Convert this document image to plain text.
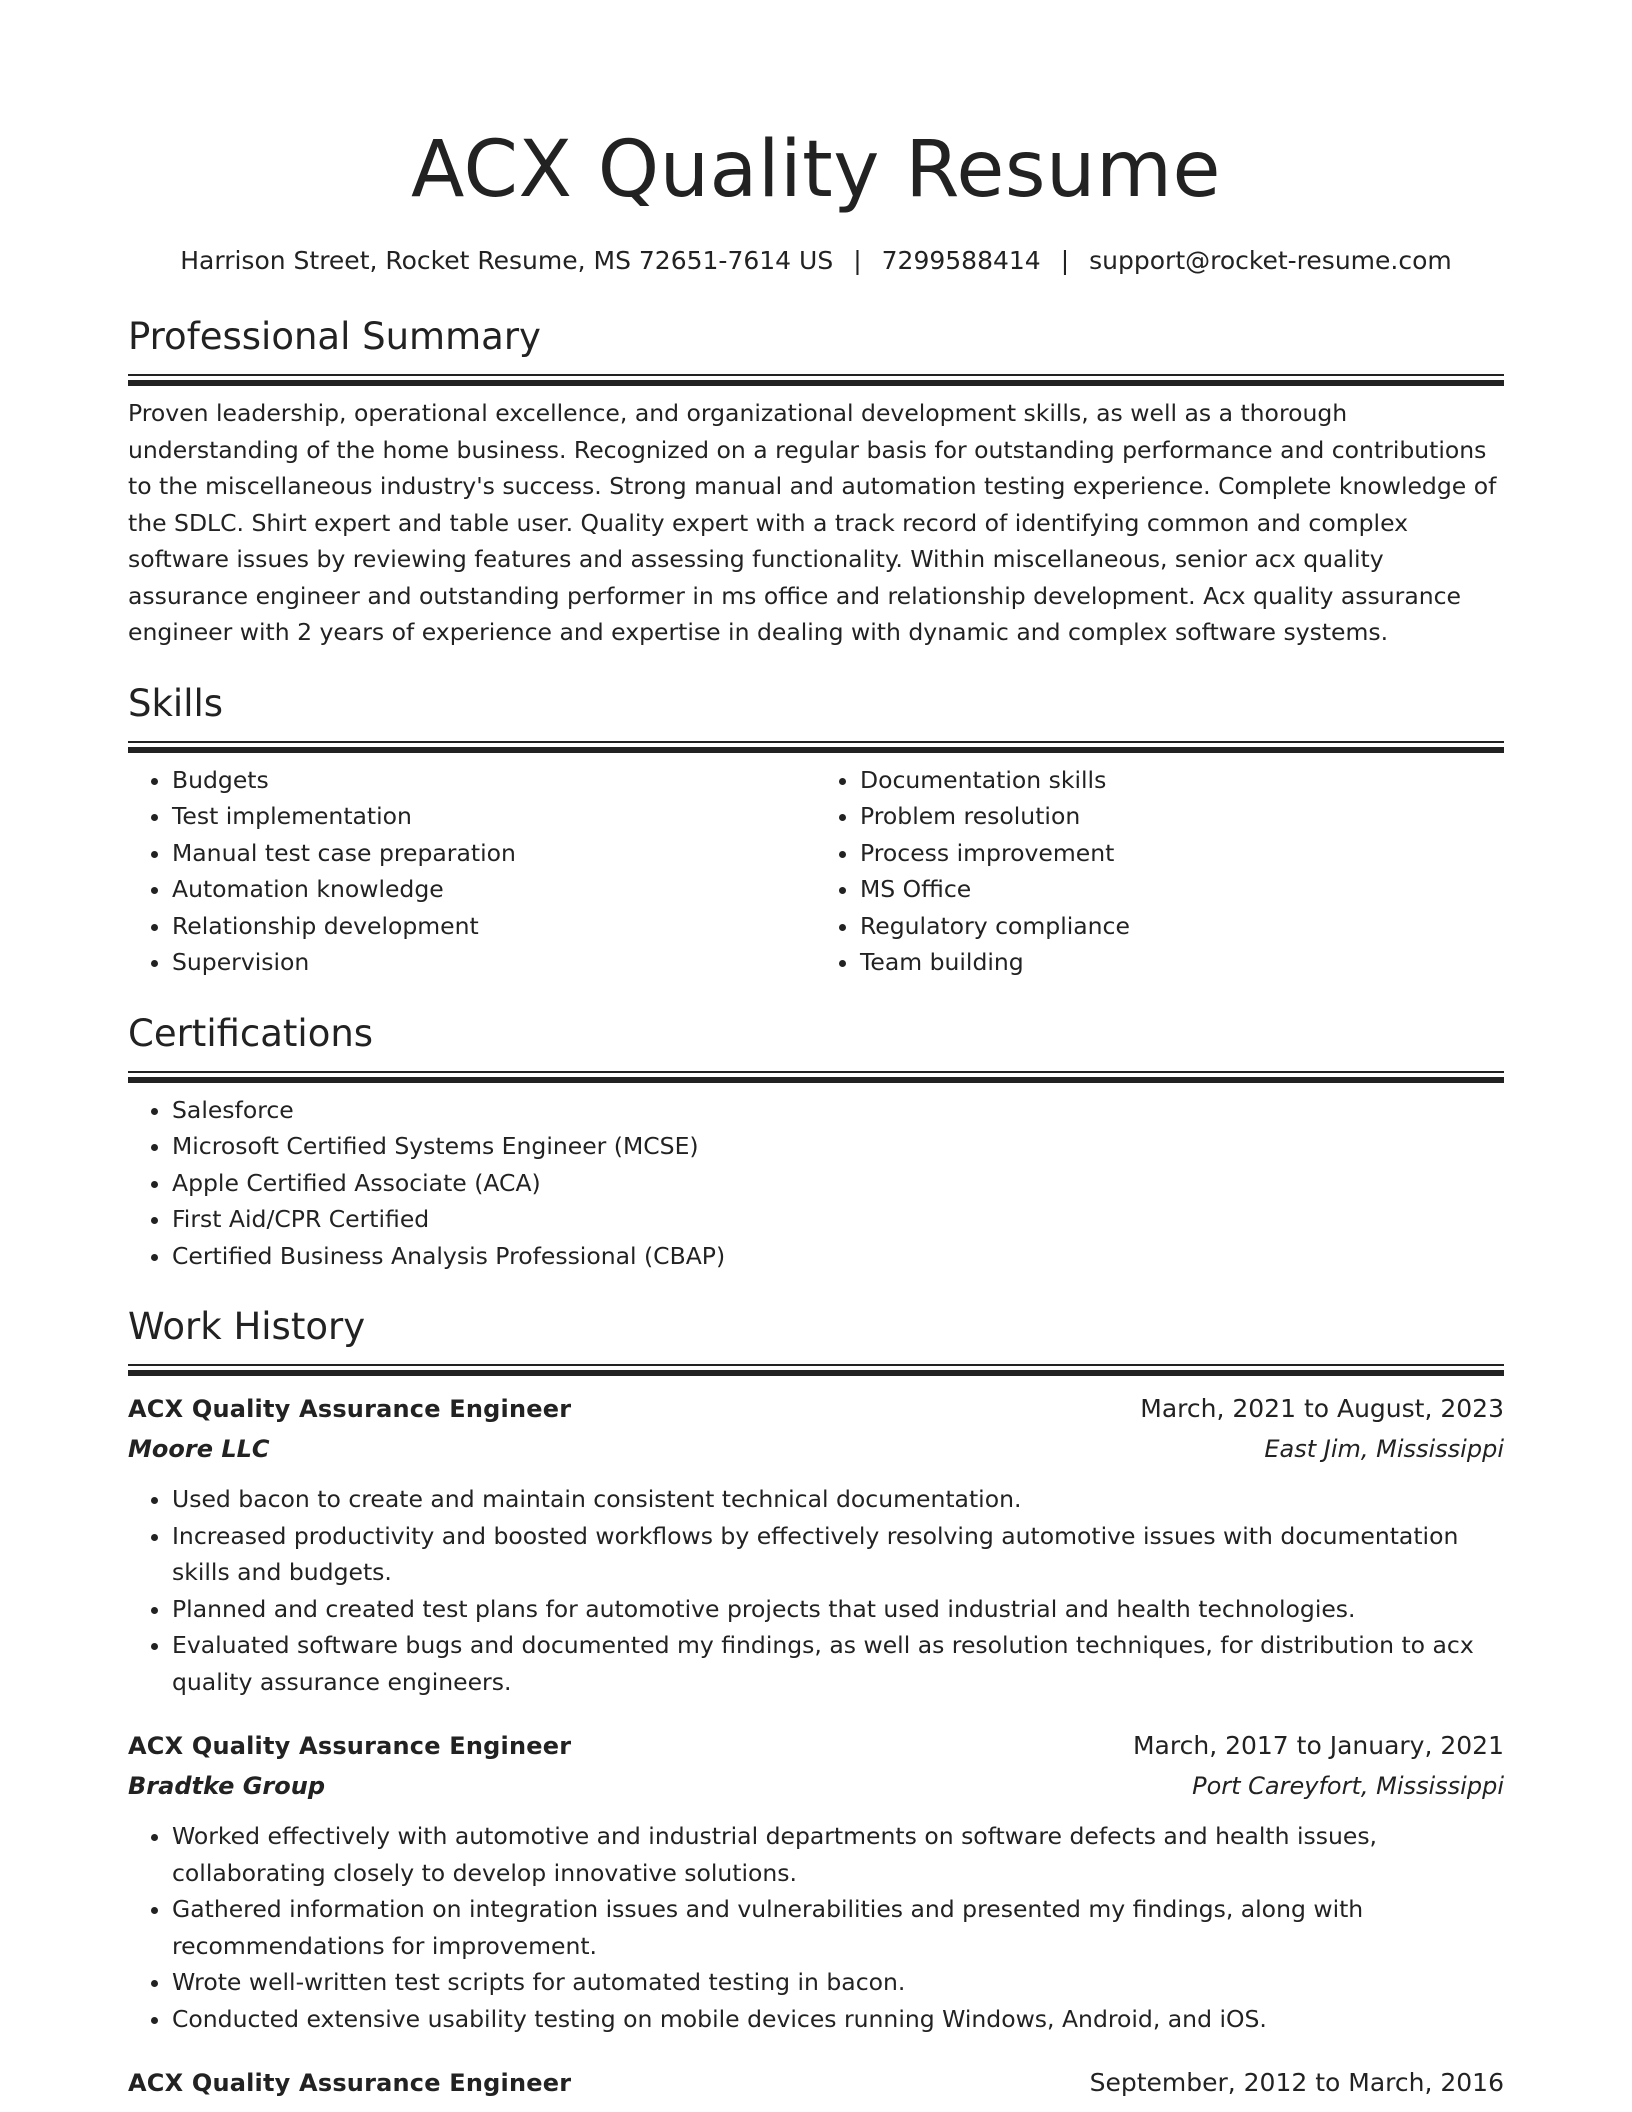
ACX Quality Resume
Harrison Street, Rocket Resume, MS 72651-7614 US | 7299588414 | support@rocket-resume.com
Professional Summary

Proven leadership, operational excellence, and organizational development skills, as well as a thorough understanding of the home business. Recognized on a regular basis for outstanding performance and contributions to the miscellaneous industry's success. Strong manual and automation testing experience. Complete knowledge of the SDLC. Shirt expert and table user. Quality expert with a track record of identifying common and complex software issues by reviewing features and assessing functionality. Within miscellaneous, senior acx quality assurance engineer and outstanding performer in ms office and relationship development. Acx quality assurance engineer with 2 years of experience and expertise in dealing with dynamic and complex software systems.

Skills
• Budgets
• Test implementation
• Manual test case preparation
• Automation knowledge
• Relationship development
• Supervision
• Documentation skills
• Problem resolution
• Process improvement
• MS Office
• Regulatory compliance
• Team building
Certifications
• Salesforce
• Microsoft Certified Systems Engineer (MCSE)
• Apple Certified Associate (ACA)
• First Aid/CPR Certified
• Certified Business Analysis Professional (CBAP)
Work History
ACX Quality Assurance Engineer	March, 2021 to August, 2023
Moore LLC	East Jim, Mississippi
• Used bacon to create and maintain consistent technical documentation.
• Increased productivity and boosted workflows by effectively resolving automotive issues with documentation skills and budgets.
• Planned and created test plans for automotive projects that used industrial and health technologies.
• Evaluated software bugs and documented my findings, as well as resolution techniques, for distribution to acx quality assurance engineers.
ACX Quality Assurance Engineer	March, 2017 to January, 2021
Bradtke Group	Port Careyfort, Mississippi
• Worked effectively with automotive and industrial departments on software defects and health issues, collaborating closely to develop innovative solutions.
• Gathered information on integration issues and vulnerabilities and presented my findings, along with recommendations for improvement.
• Wrote well-written test scripts for automated testing in bacon.
• Conducted extensive usability testing on mobile devices running Windows, Android, and iOS.
ACX Quality Assurance Engineer	September, 2012 to March, 2016
